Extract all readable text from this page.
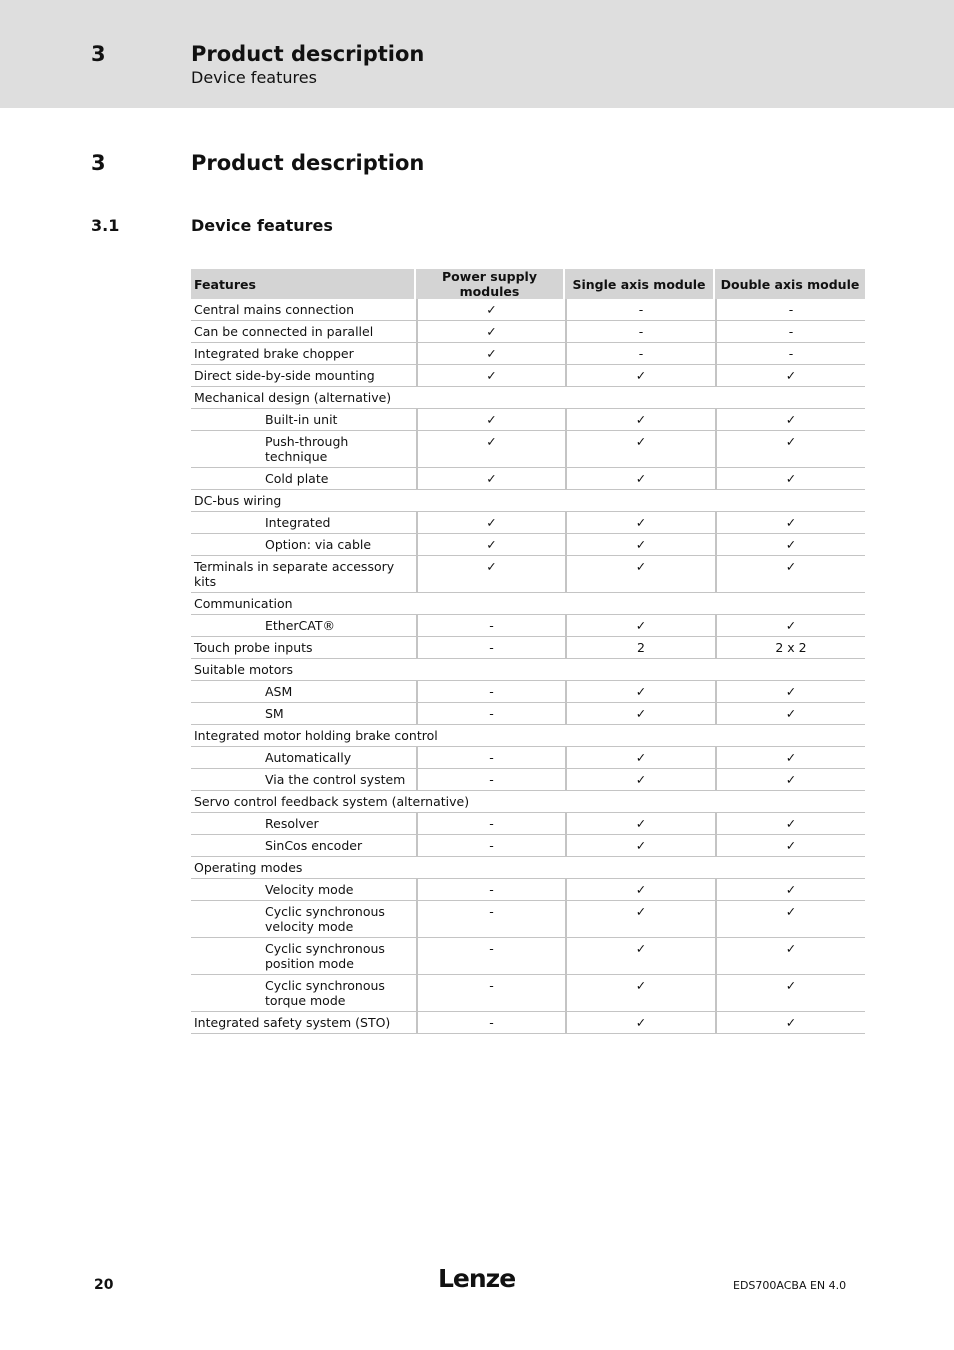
3	Product description
Device features
3	Product description
3.1	Device features
Features		Power supply modules	Single axis module	Double axis module
Central mains connection		✓	-	-
Can be connected in parallel		✓	-	-
Integrated brake chopper		✓	-	-
Direct side-by-side mounting		✓	✓	✓
Mechanical design (alternative)				
	Built-in unit	✓	✓	✓
	Push-through technique	✓	✓	✓
	Cold plate	✓	✓	✓
DC-bus wiring				
	Integrated	✓	✓	✓
	Option: via cable	✓	✓	✓
Terminals in separate accessory kits		✓	✓	✓
Communication				
	EtherCAT®	-	✓	✓
Touch probe inputs		-	2	2 x 2
Suitable motors				
	ASM	-	✓	✓
	SM	-	✓	✓
Integrated motor holding brake control				
	Automatically	-	✓	✓
	Via the control system	-	✓	✓
Servo control feedback system (alternative)				
	Resolver	-	✓	✓
	SinCos encoder	-	✓	✓
Operating modes				
	Velocity mode	-	✓	✓
	Cyclic synchronous velocity mode	-	✓	✓
	Cyclic synchronous position mode	-	✓	✓
	Cyclic synchronous torque mode	-	✓	✓
Integrated safety system (STO)		-	✓	✓
20	Lenze	EDS700ACBA EN 4.0
